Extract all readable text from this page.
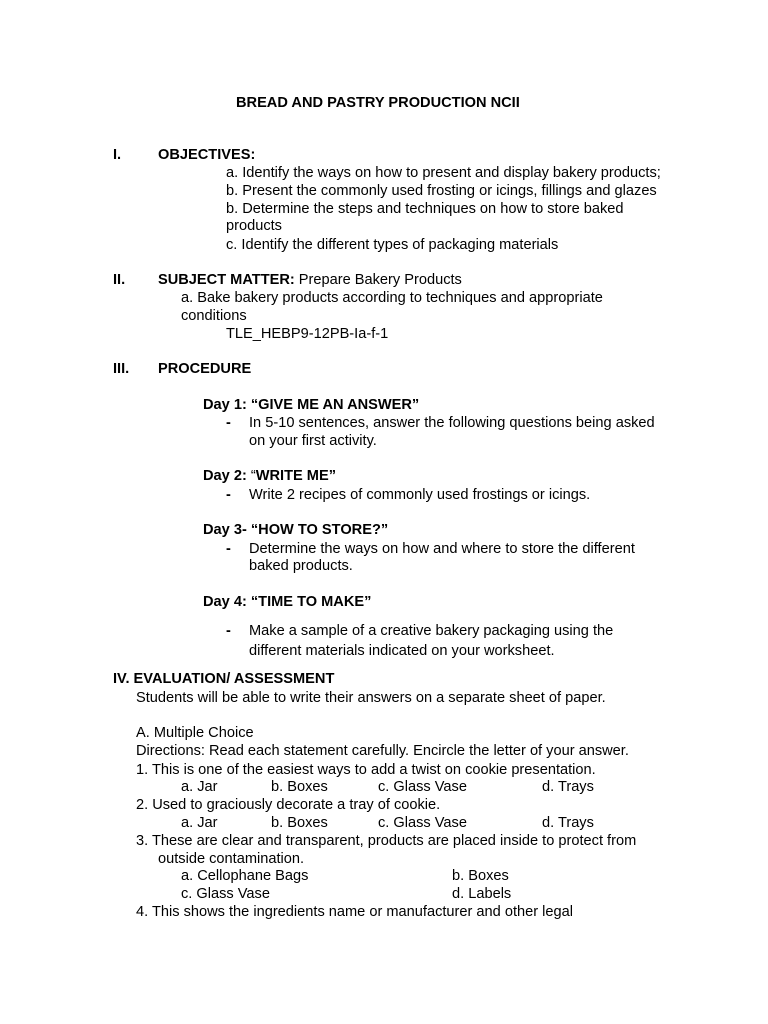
BREAD AND PASTRY PRODUCTION NCII
I.	OBJECTIVES:
a. Identify the ways on how to present and display bakery products;
b. Present the commonly used frosting or icings, fillings and glazes
b. Determine the steps and techniques on how to store baked
products
c. Identify the different types of packaging materials
II. SUBJECT MATTER: Prepare Bakery Products
a. Bake bakery products according to techniques and appropriate
conditions
TLE_HEBP9-12PB-Ia-f-1
III. PROCEDURE
Day 1: “GIVE ME AN ANSWER”
- In 5-10 sentences, answer the following questions being asked
on your first activity.
Day 2: “WRITE ME”
- Write 2 recipes of commonly used frostings or icings.
Day 3- “HOW TO STORE?”
- Determine the ways on how and where to store the different
baked products.
Day 4: “TIME TO MAKE”
- Make a sample of a creative bakery packaging using the
different materials indicated on your worksheet.
IV. EVALUATION/ ASSESSMENT
Students will be able to write their answers on a separate sheet of paper.
A. Multiple Choice
Directions: Read each statement carefully. Encircle the letter of your answer.
1. This is one of the easiest ways to add a twist on cookie presentation.
a. Jar	b. Boxes	c. Glass Vase	d. Trays
2. Used to graciously decorate a tray of cookie.
a. Jar	b. Boxes	c. Glass Vase	d. Trays
3. These are clear and transparent, products are placed inside to protect from
outside contamination.
a. Cellophane Bags	b. Boxes
c. Glass Vase	d. Labels
4. This shows the ingredients name or manufacturer and other legal
